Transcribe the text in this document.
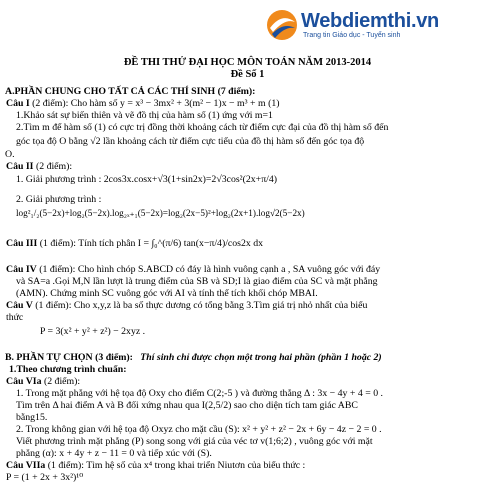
Webdiemthi.vn
Trang tin Giáo dục - Tuyển sinh
ĐỀ THI THỬ ĐẠI HỌC MÔN TOÁN NĂM 2013-2014
Đề Số 1
A.PHẦN CHUNG CHO TẤT CẢ CÁC THÍ SINH (7 điểm):
Câu I (2 điểm): Cho hàm số y = x³ − 3mx² + 3(m² − 1)x − m³ + m (1)
1.Khảo sát sự biến thiên và vẽ đồ thị của hàm số (1) ứng với m=1
2.Tìm m để hàm số (1) có cực trị đồng thời khoảng cách từ điểm cực đại của đồ thị hàm số đến
góc tọa độ O bằng √2 lần khoảng cách từ điểm cực tiểu của đồ thị hàm số đến góc tọa độ
O.
Câu II (2 điểm):
1. Giải phương trình : 2cos3x.cosx+√3(1+sin2x)=2√3cos²(2x+π/4)
2. Giải phương trình :
log²₁/₂(5−2x)+log₂(5−2x).log₂ₓ₊₁(5−2x)=log₂(2x−5)²+log₂(2x+1).log√2(5−2x)
Câu III (1 điểm): Tính tích phân I = ∫₀^(π/6) tan(x−π/4)/cos2x dx
Câu IV (1 điểm): Cho hình chóp S.ABCD có đáy là hình vuông cạnh a , SA vuông góc với đáy
và SA=a .Gọi M,N lần lượt là trung điểm của SB và SD;I là giao điểm của SC và mặt phẳng
(AMN). Chứng minh SC vuông góc với AI và tính thể tích khối chóp MBAI.
Câu V (1 điểm): Cho x,y,z là ba số thực dương có tổng bằng 3.Tìm giá trị nhỏ nhất của biểu
thức
P = 3(x² + y² + z²) − 2xyz .
B. PHẦN TỰ CHỌN (3 điểm): Thí sinh chỉ được chọn một trong hai phần (phần 1 hoặc 2)
1.Theo chương trình chuẩn:
Câu VIa (2 điểm):
1. Trong mặt phẳng với hệ tọa độ Oxy cho điểm C(2;-5 ) và đường thẳng Δ : 3x − 4y + 4 = 0 .
Tìm trên Δ hai điểm A và B đối xứng nhau qua I(2,5/2) sao cho diện tích tam giác ABC
bằng15.
2. Trong không gian với hệ tọa độ Oxyz cho mặt cầu (S): x² + y² + z² − 2x + 6y − 4z − 2 = 0 .
Viết phương trình mặt phẳng (P) song song với giá của véc tơ v(1;6;2) , vuông góc với mặt
phẳng (α): x + 4y + z − 11 = 0 và tiếp xúc với (S).
Câu VIIa (1 điểm): Tìm hệ số của x⁴ trong khai triển Niutơn của biểu thức :
P = (1 + 2x + 3x²)¹⁰
